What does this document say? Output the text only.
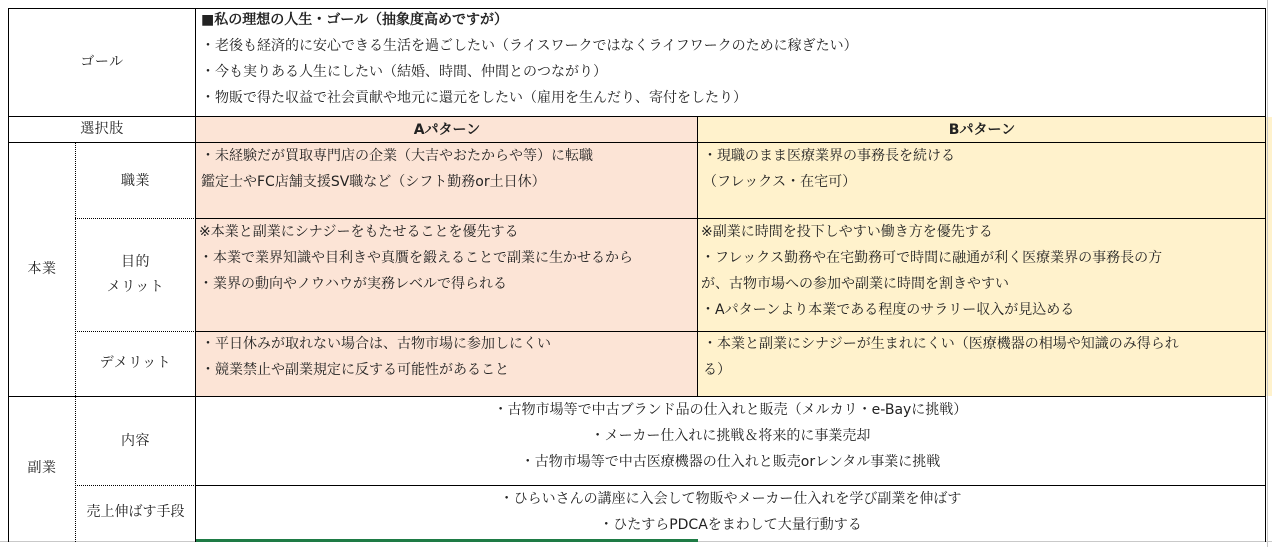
ゴール
■私の理想の人生・ゴール（抽象度高めですが）
・老後も経済的に安心できる生活を過ごしたい（ライスワークではなくライフワークのために稼ぎたい）
・今も実りある人生にしたい（結婚、時間、仲間とのつながり）
・物販で得た収益で社会貢献や地元に還元をしたい（雇用を生んだり、寄付をしたり）
選択肢	Aパターン	Bパターン
本業
職業
・未経験だが買取専門店の企業（大吉やおたからや等）に転職
鑑定士やFC店舗支援SV職など（シフト勤務or土日休）
・現職のまま医療業界の事務長を続ける
（フレックス・在宅可）
目的
メリット
※本業と副業にシナジーをもたせることを優先する
・本業で業界知識や目利きや真贋を鍛えることで副業に生かせるから
・業界の動向やノウハウが実務レベルで得られる
※副業に時間を投下しやすい働き方を優先する
・フレックス勤務や在宅勤務可で時間に融通が利く医療業界の事務長の方
が、古物市場への参加や副業に時間を割きやすい
・Aパターンより本業である程度のサラリー収入が見込める
デメリット
・平日休みが取れない場合は、古物市場に参加しにくい
・競業禁止や副業規定に反する可能性があること
・本業と副業にシナジーが生まれにくい（医療機器の相場や知識のみ得られ
る）
副業
内容
・古物市場等で中古ブランド品の仕入れと販売（メルカリ・e-Bayに挑戦）
・メーカー仕入れに挑戦＆将来的に事業売却
・古物市場等で中古医療機器の仕入れと販売orレンタル事業に挑戦
売上伸ばす手段
・ひらいさんの講座に入会して物販やメーカー仕入れを学び副業を伸ばす
・ひたすらPDCAをまわして大量行動する
